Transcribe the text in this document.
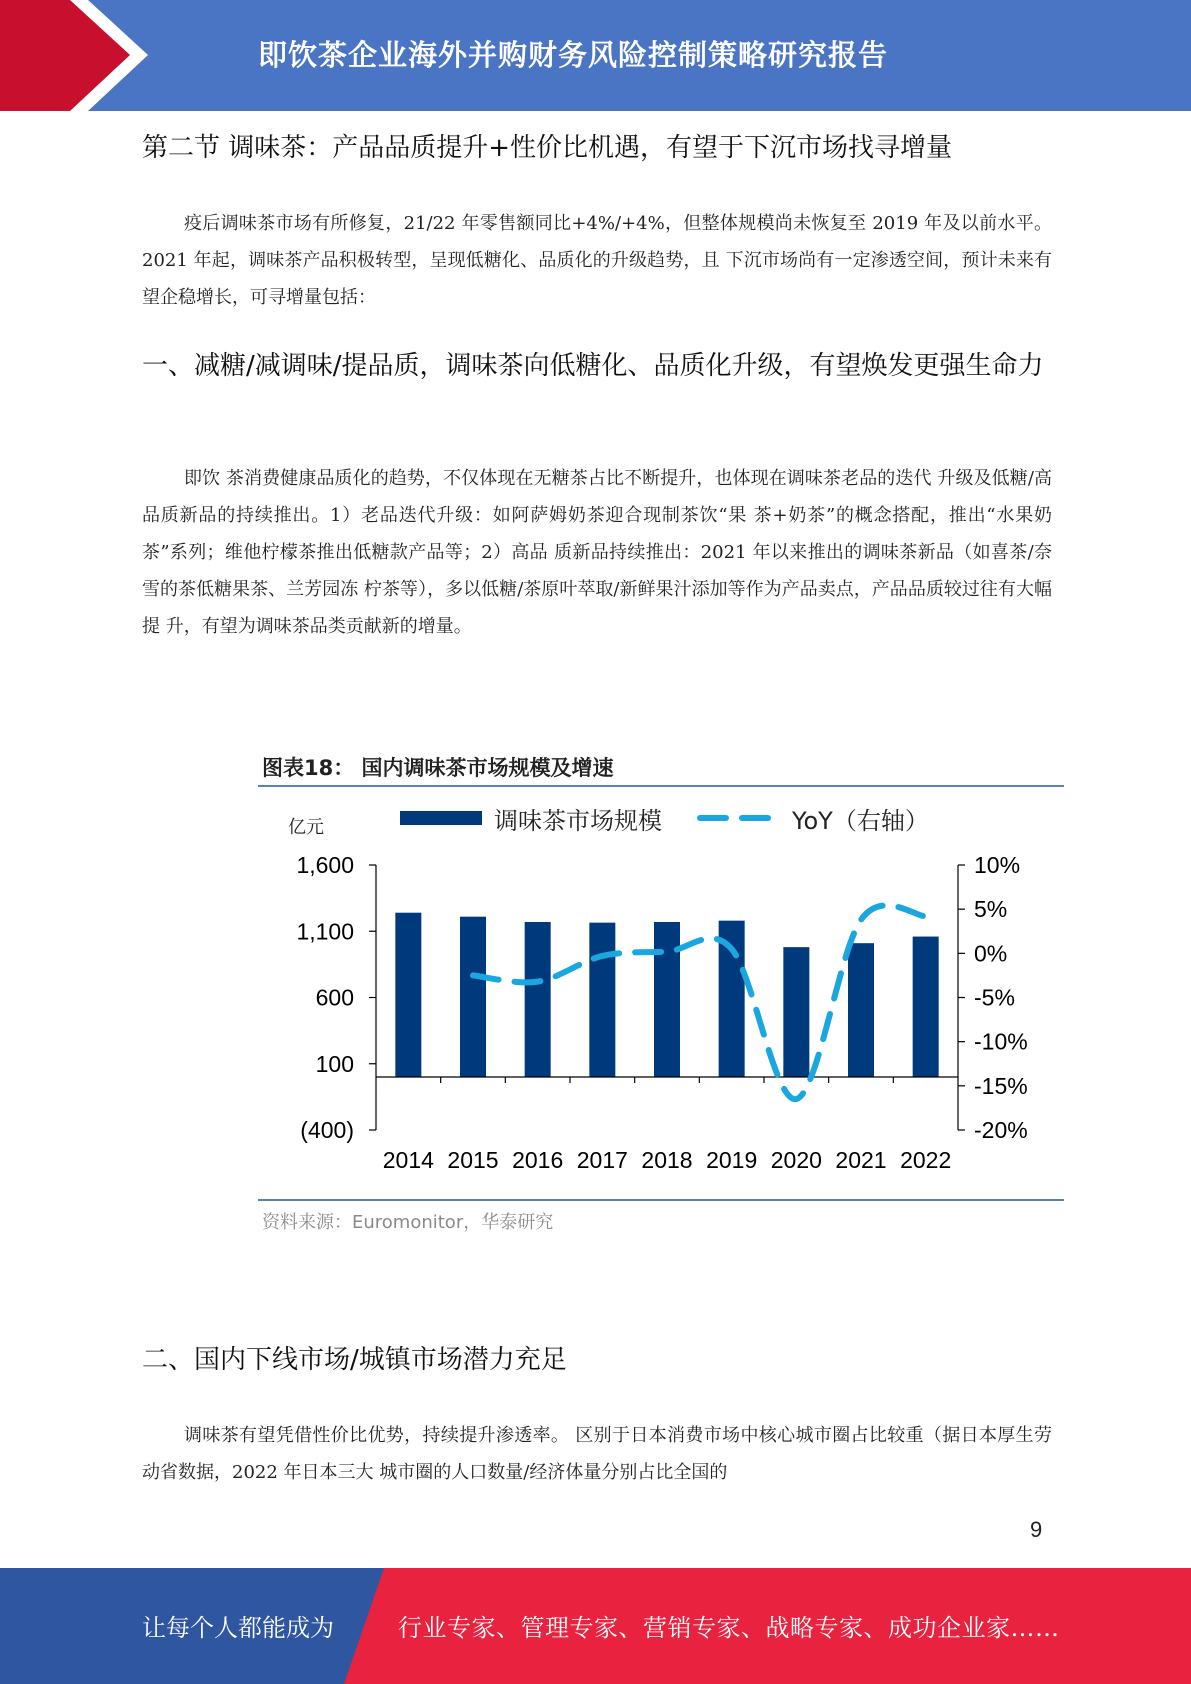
即饮茶企业海外并购财务风险控制策略研究报告
第二节 调味茶：产品品质提升+性价比机遇，有望于下沉市场找寻增量

疫后调味茶市场有所修复，21/22 年零售额同比+4%/+4%，但整体规模尚未恢复至 2019 年及以前水平。2021 年起，调味茶产品积极转型，呈现低糖化、品质化的升级趋势，且 下沉市场尚有一定渗透空间，预计未来有望企稳增长，可寻增量包括：

一、减糖/减调味/提品质，调味茶向低糖化、品质化升级，有望焕发更强生命力

即饮 茶消费健康品质化的趋势，不仅体现在无糖茶占比不断提升，也体现在调味茶老品的迭代 升级及低糖/高品质新品的持续推出。1）老品迭代升级：如阿萨姆奶茶迎合现制茶饮“果 茶+奶茶”的概念搭配，推出“水果奶茶”系列；维他柠檬茶推出低糖款产品等；2）高品 质新品持续推出：2021 年以来推出的调味茶新品（如喜茶/奈雪的茶低糖果茶、兰芳园冻 柠茶等），多以低糖/茶原叶萃取/新鲜果汁添加等作为产品卖点，产品品质较过往有大幅提 升，有望为调味茶品类贡献新的增量。

图表18： 国内调味茶市场规模及增速
调味茶市场规模	YoY（右轴）
亿元
(400)
100
600
1,100
1,600
-20%
-15%
-10%
-5%
0%
5%
10%
2014 2015 2016 2017 2018 2019 2020 2021 2022
资料来源：Euromonitor，华泰研究
二、国内下线市场/城镇市场潜力充足

调味茶有望凭借性价比优势，持续提升渗透率。 区别于日本消费市场中核心城市圈占比较重（据日本厚生劳动省数据，2022 年日本三大 城市圈的人口数量/经济体量分别占比全国的

9
让每个人都能成为	行业专家、管理专家、营销专家、战略专家、成功企业家……
